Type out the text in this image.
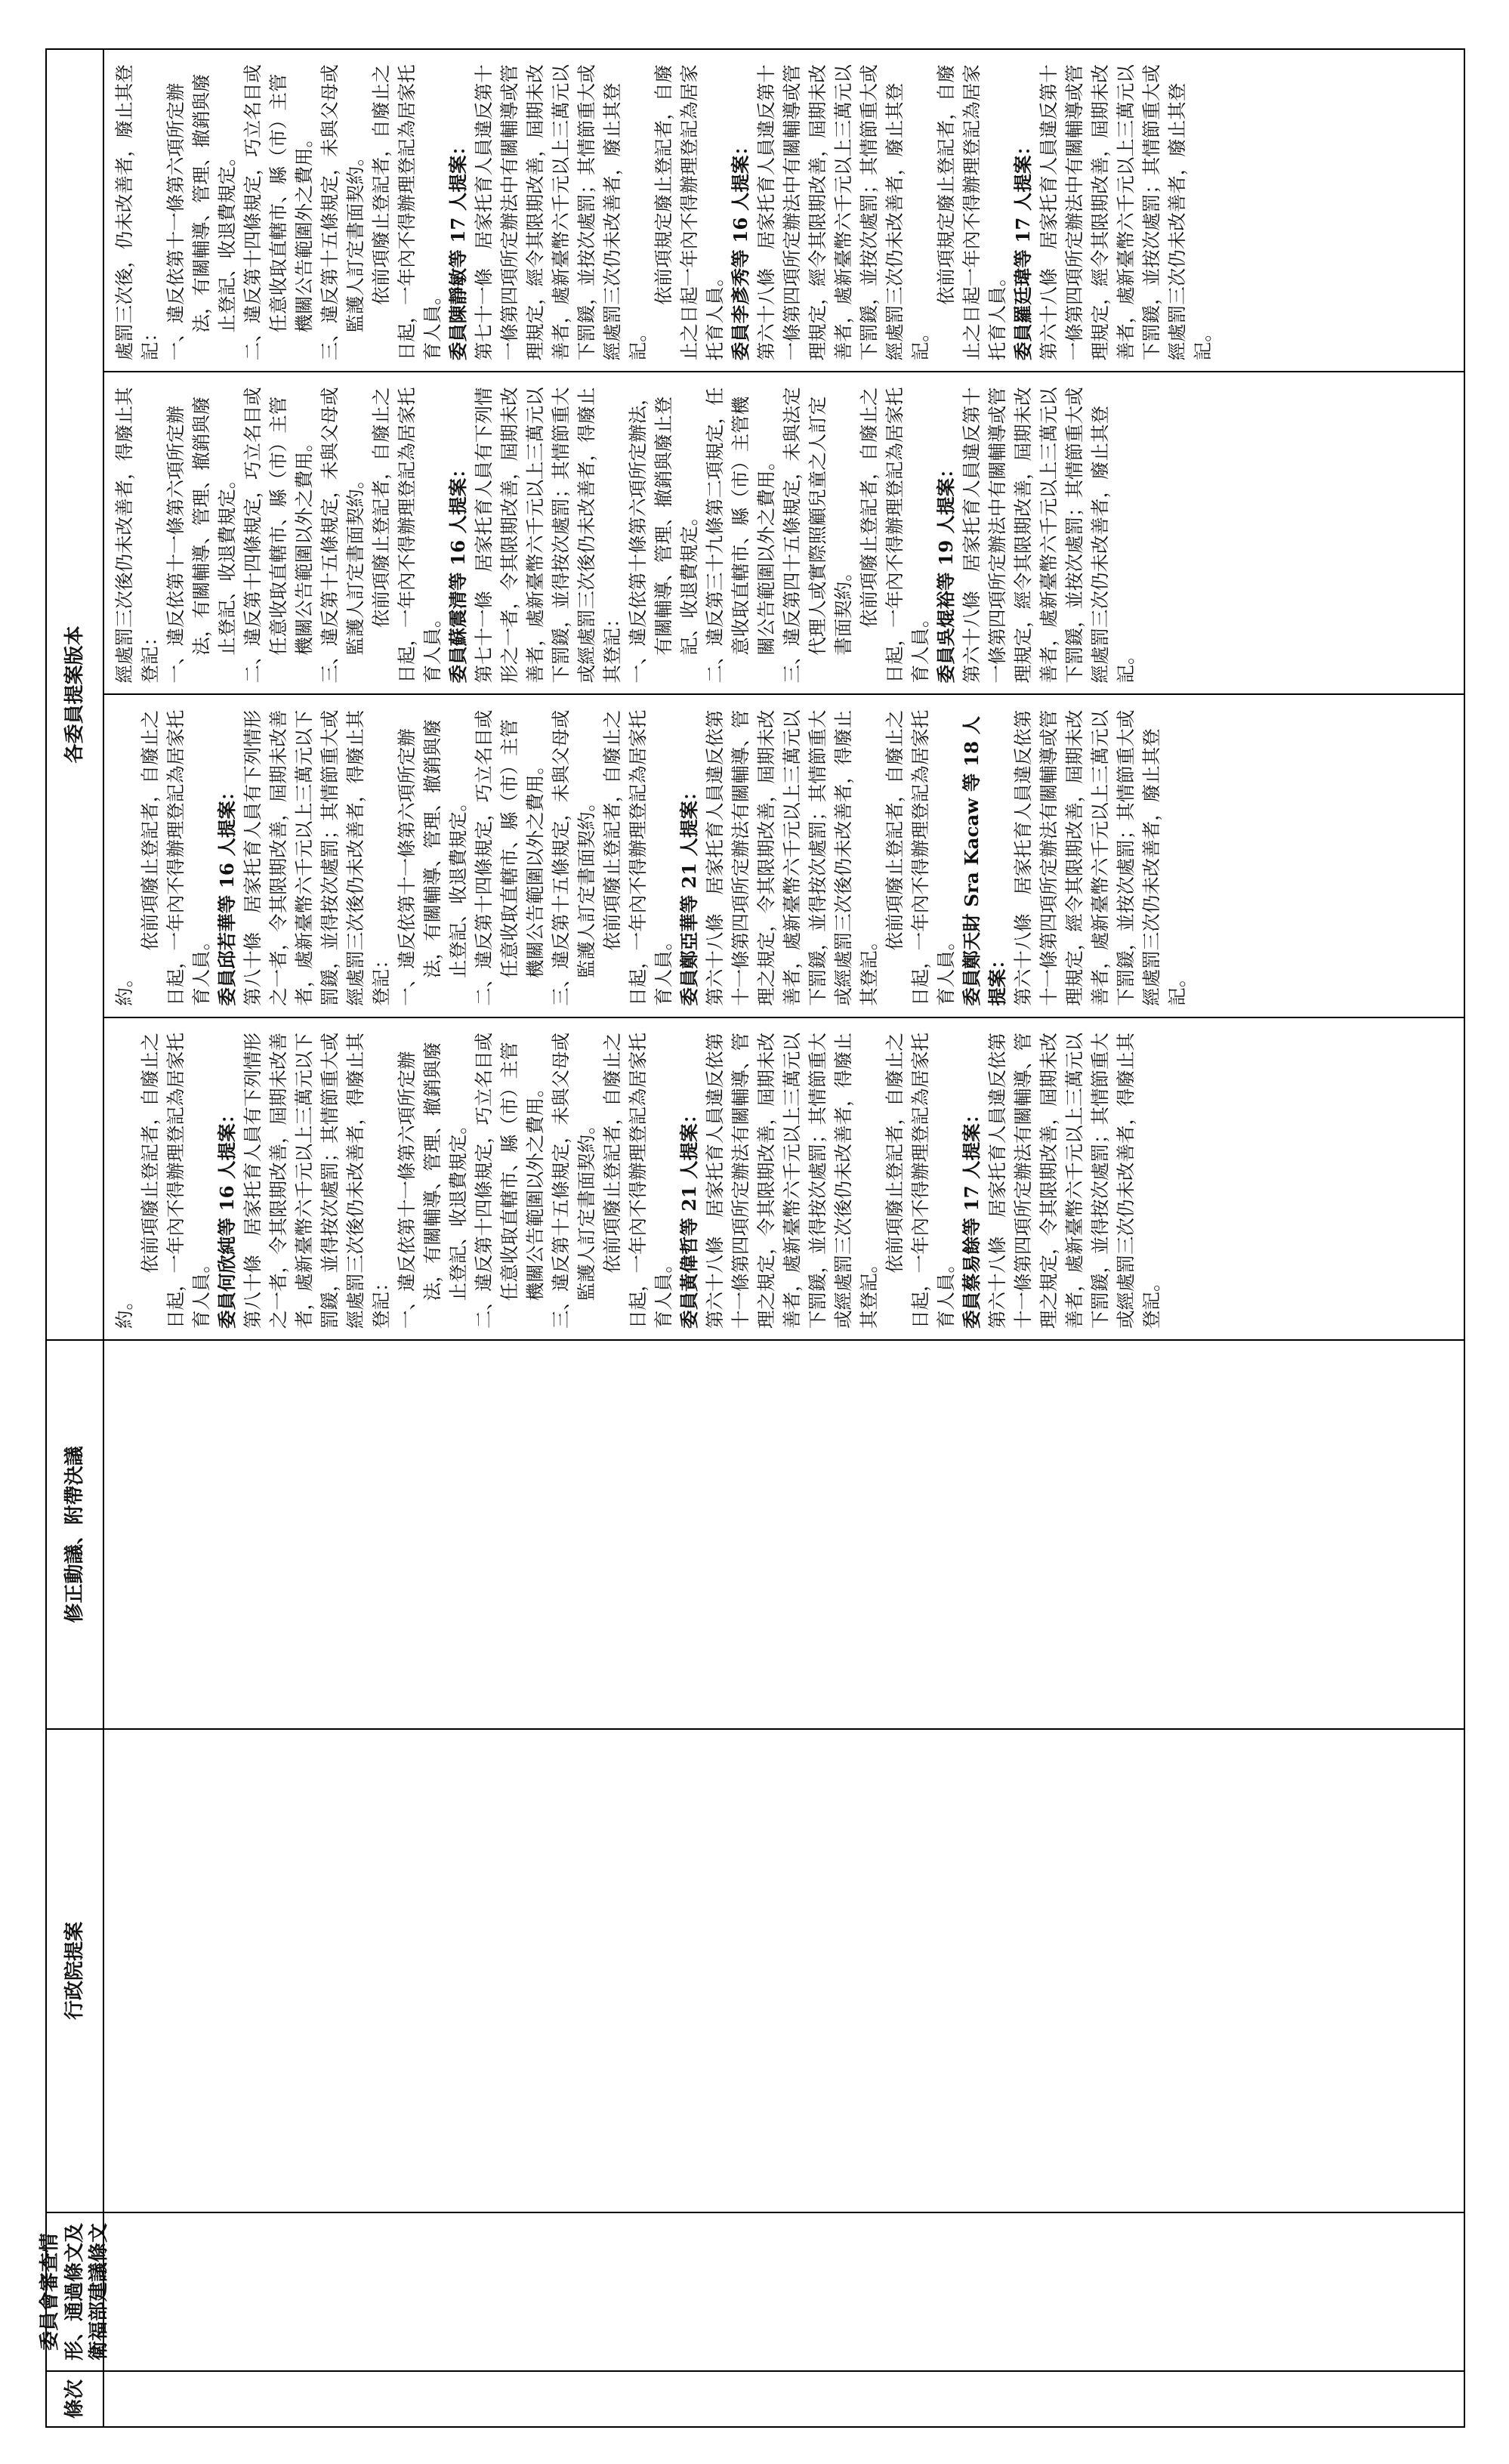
條次
委員會審查情形、通過條文及衛福部建議條文
行政院提案
修正動議、附帶決議
各委員提案版本

約。

　依前項廢止登記者，自廢止之日起，一年內不得辦理登記為居家托育人員。 委員何欣純等 16 人提案： 第八十條　居家托育人員有下列情形之一者，令其限期改善，屆期未改善者，處新臺幣六千元以上三萬元以下罰鍰，並得按次處罰；其情節重大或經處罰三次後仍未改善者，得廢止其登記： 一、違反依第十一條第六項所定辦法，有關輔導、管理、撤銷與廢止登記、收退費規定。 二、違反第十四條規定，巧立名目或任意收取直轄市、縣（市）主管機關公告範圍以外之費用。 三、違反第十五條規定，未與父母或監護人訂定書面契約。 　依前項廢止登記者，自廢止之日起，一年內不得辦理登記為居家托育人員。 委員黃偉哲等 21 人提案： 第六十八條　居家托育人員違反依第十一條第四項所定辦法有關輔導、管理之規定，令其限期改善，屆期未改善者，處新臺幣六千元以上三萬元以下罰鍰，並得按次處罰；其情節重大或經處罰三次後仍未改善者，得廢止其登記。 　依前項廢止登記者，自廢止之日起，一年內不得辦理登記為居家托育人員。 委員蔡易餘等 17 人提案： 第六十八條　居家托育人員違反依第十一條第四項所定辦法有關輔導、管理之規定，令其限期改善，屆期未改善者，處新臺幣六千元以上三萬元以下罰鍰，並得按次處罰；其情節重大或經處罰三次仍未改善者，得廢止其登記。

約。

　依前項廢止登記者，自廢止之日起，一年內不得辦理登記為居家托育人員。 委員邱若華等 16 人提案： 第八十條　居家托育人員有下列情形之一者，令其限期改善，屆期未改善者，處新臺幣六千元以上三萬元以下罰鍰，並得按次處罰；其情節重大或經處罰三次後仍未改善者，得廢止其登記： 一、違反依第十一條第六項所定辦法，有關輔導、管理、撤銷與廢止登記、收退費規定。 二、違反第十四條規定，巧立名目或任意收取直轄市、縣（市）主管機關公告範圍以外之費用。 三、違反第十五條規定，未與父母或監護人訂定書面契約。 　依前項廢止登記者，自廢止之日起，一年內不得辦理登記為居家托育人員。 委員鄭亞華等 21 人提案： 第六十八條　居家托育人員違反依第十一條第四項所定辦法有關輔導、管理之規定，令其限期改善，屆期未改善者，處新臺幣六千元以上三萬元以下罰鍰，並得按次處罰；其情節重大或經處罰三次後仍未改善者，得廢止其登記。 　依前項廢止登記者，自廢止之日起，一年內不得辦理登記為居家托育人員。 委員鄭天財 Sra Kacaw 等 18 人提案： 第六十八條　居家托育人員違反依第十一條第四項所定辦法有關輔導或管理規定，經令其限期改善，屆期未改善者，處新臺幣六千元以上三萬元以下罰鍰，並按次處罰；其情節重大或經處罰三次仍未改善者，廢止其登記。

經處罰三次後仍未改善者，得廢止其登記： 一、違反依第十一條第六項所定辦法，有關輔導、管理、撤銷與廢止登記、收退費規定。 二、違反第十四條規定，巧立名目或任意收取直轄市、縣（市）主管機關公告範圍以外之費用。 三、違反第十五條規定，未與父母或監護人訂定書面契約。 　依前項廢止登記者，自廢止之日起，一年內不得辦理登記為居家托育人員。 委員蘇震清等 16 人提案： 第七十一條　居家托育人員有下列情形之一者，令其限期改善，屆期未改善者，處新臺幣六千元以上三萬元以下罰鍰，並得按次處罰；其情節重大或經處罰三次後仍未改善者，得廢止其登記： 一、違反依第十條第六項所定辦法，有關輔導、管理、撤銷與廢止登記、收退費規定。 二、違反第三十九條第二項規定，任意收取直轄市、縣（市）主管機關公告範圍以外之費用。 三、違反第四十五條規定，未與法定代理人或實際照顧兒童之人訂定書面契約。 　依前項廢止登記者，自廢止之日起，一年內不得辦理登記為居家托育人員。 委員吳焜裕等 19 人提案： 第六十八條　居家托育人員違反第十一條第四項所定辦法中有關輔導或管理規定，經令其限期改善，屆期未改善者，處新臺幣六千元以上三萬元以下罰鍰，並按次處罰；其情節重大或經處罰三次仍未改善者，廢止其登記。

處罰三次後，仍未改善者，廢止其登記： 一、違反依第十一條第六項所定辦法，有關輔導、管理、撤銷與廢止登記、收退費規定。 二、違反第十四條規定，巧立名目或任意收取直轄市、縣（市）主管機關公告範圍外之費用。 三、違反第十五條規定，未與父母或監護人訂定書面契約。 　依前項廢止登記者，自廢止之日起，一年內不得辦理登記為居家托育人員。 委員陳靜敏等 17 人提案： 第七十一條　居家托育人員違反第十一條第四項所定辦法中有關輔導或管理規定，經令其限期改善，屆期未改善者，處新臺幣六千元以上三萬元以下罰鍰，並按次處罰；其情節重大或經處罰三次仍未改善者，廢止其登記。

　依前項規定廢止登記者，自廢止之日起一年內不得辦理登記為居家托育人員。 委員李彥秀等 16 人提案： 第六十八條　居家托育人員違反第十一條第四項所定辦法中有關輔導或管理規定，經令其限期改善，屆期未改善者，處新臺幣六千元以上三萬元以下罰鍰，並按次處罰；其情節重大或經處罰三次仍未改善者，廢止其登記。

　依前項規定廢止登記者，自廢止之日起一年內不得辦理登記為居家托育人員。 委員羅廷瑋等 17 人提案： 第六十八條　居家托育人員違反第十一條第四項所定辦法中有關輔導或管理規定，經令其限期改善，屆期未改善者，處新臺幣六千元以上三萬元以下罰鍰，並按次處罰；其情節重大或經處罰三次仍未改善者，廢止其登記。
